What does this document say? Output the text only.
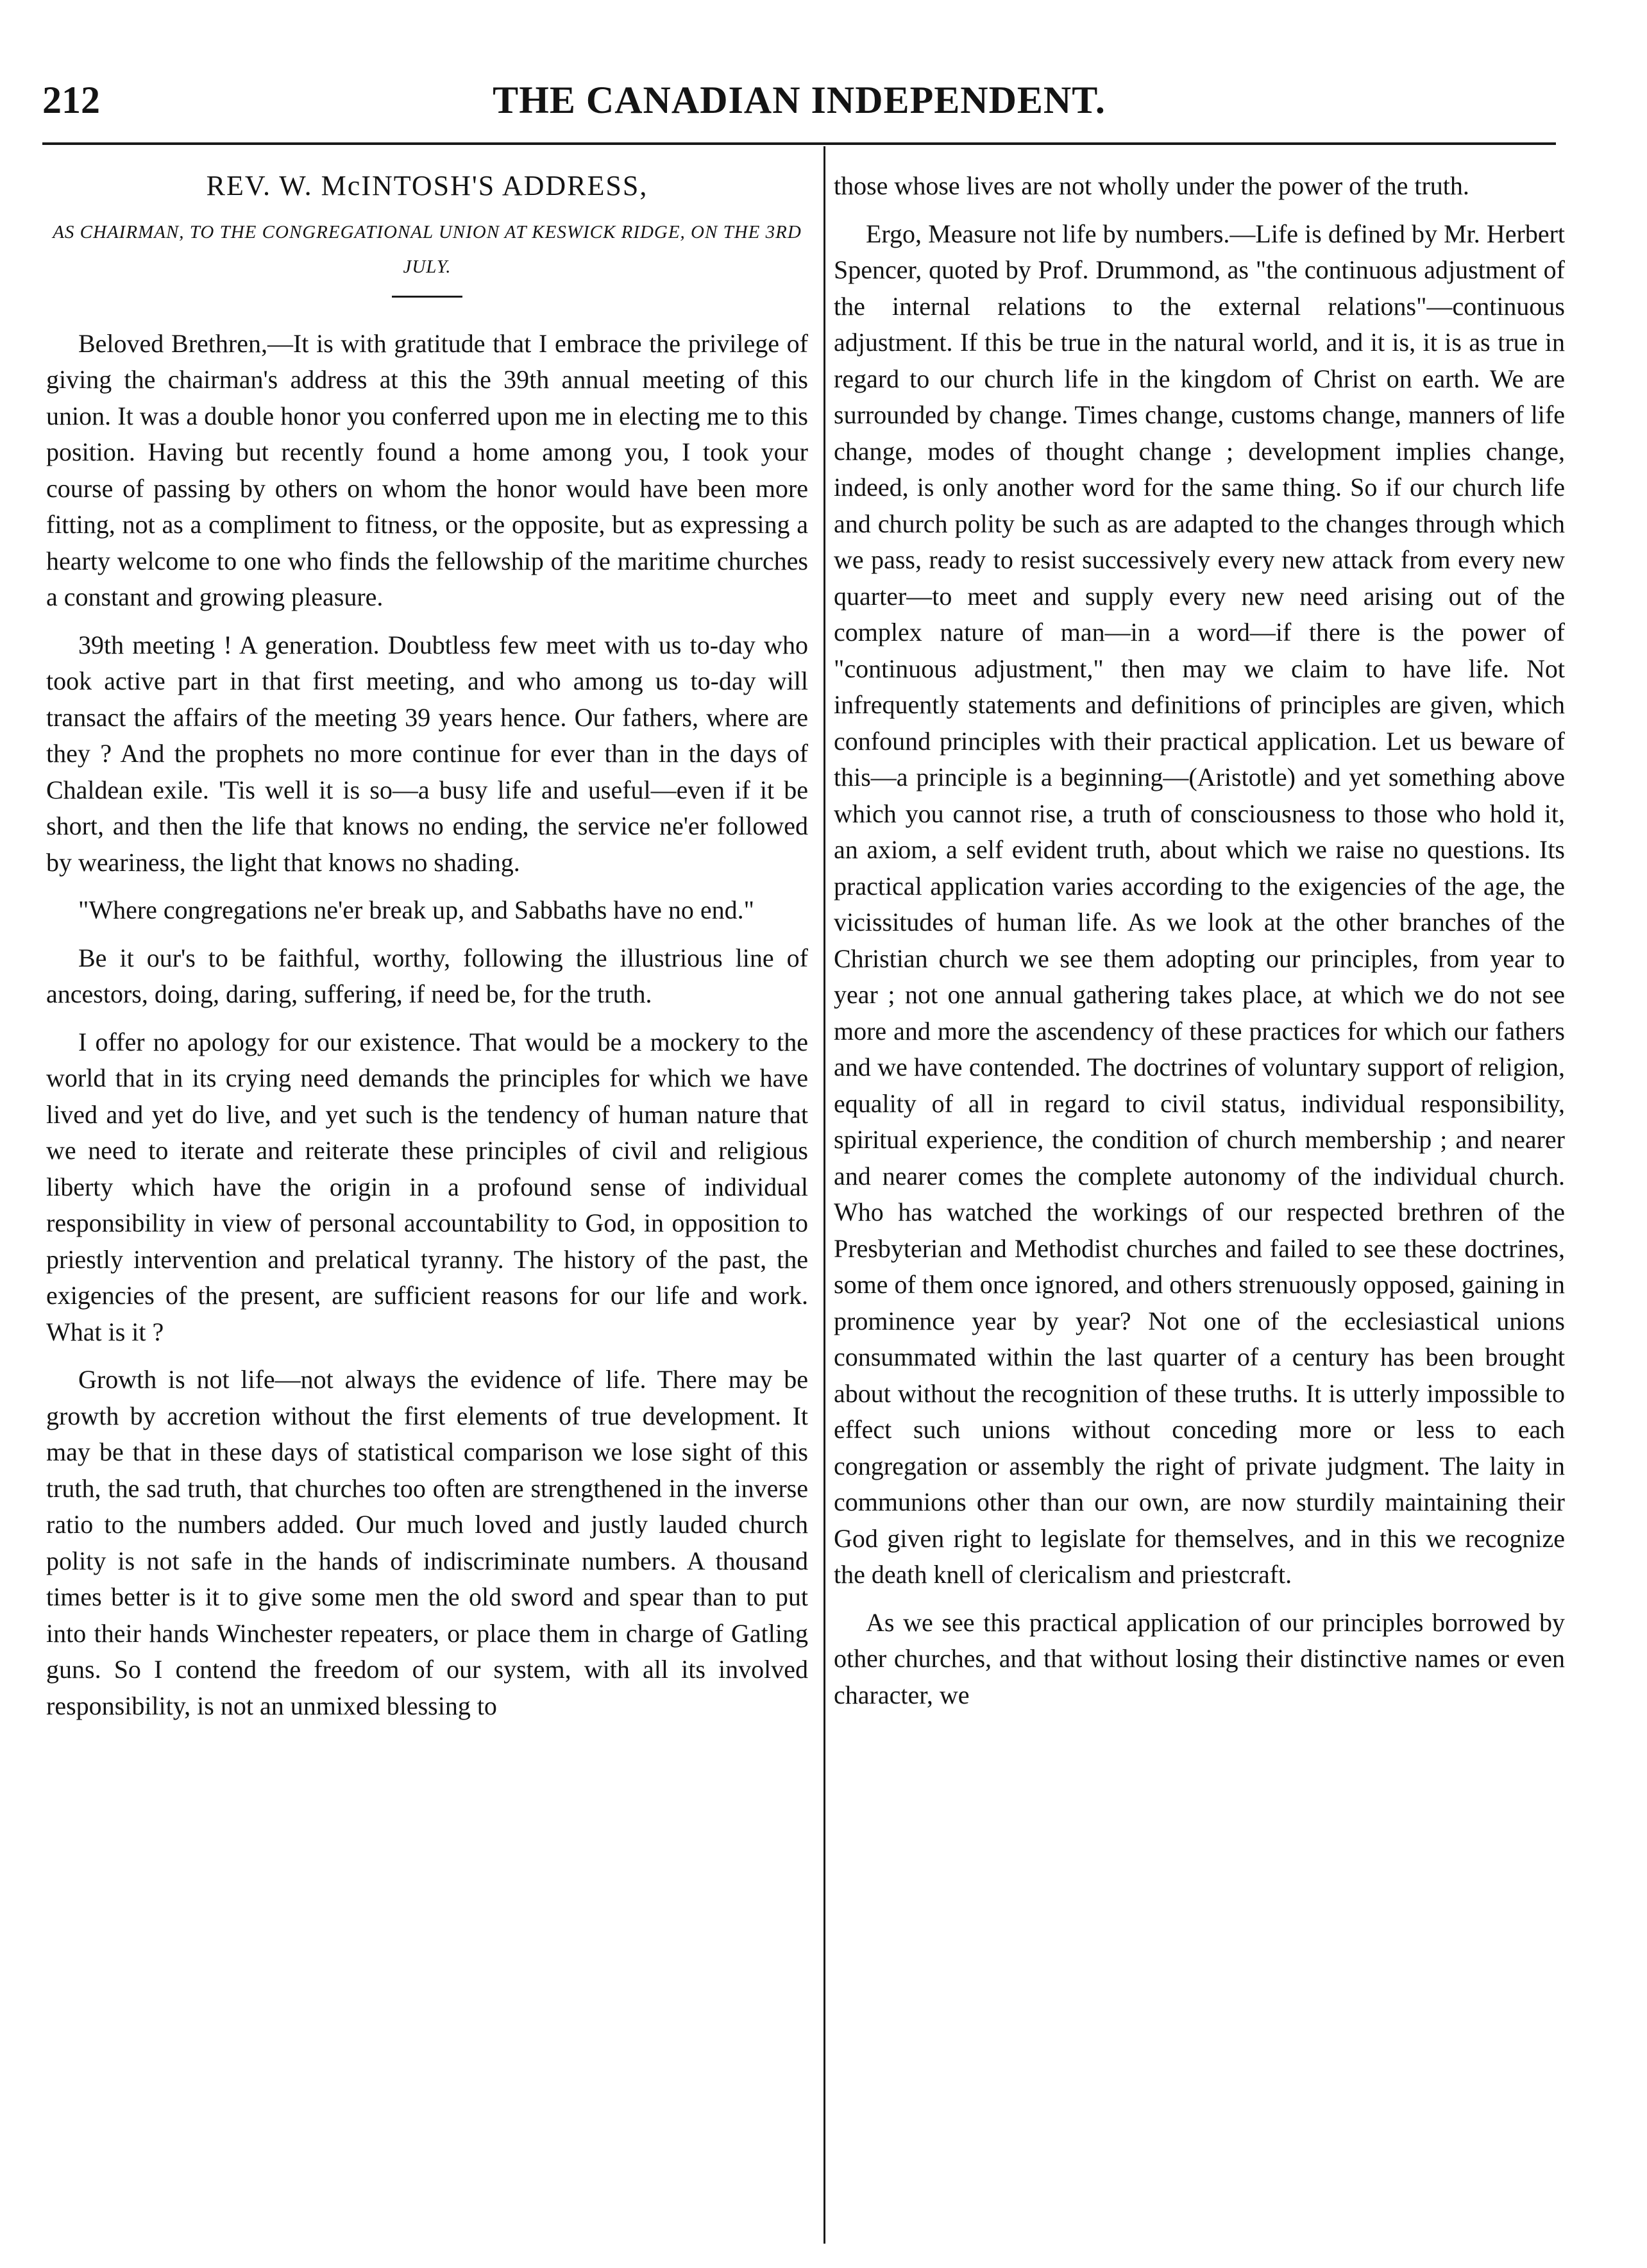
212	THE CANADIAN INDEPENDENT.
REV. W. McINTOSH'S ADDRESS,
AS CHAIRMAN, TO THE CONGREGATIONAL UNION AT KESWICK RIDGE, ON THE 3RD JULY.

Beloved Brethren,—It is with gratitude that I embrace the privilege of giving the chairman's address at this the 39th annual meeting of this union. It was a double honor you conferred upon me in electing me to this position. Having but recently found a home among you, I took your course of passing by others on whom the honor would have been more fitting, not as a compliment to fitness, or the opposite, but as expressing a hearty welcome to one who finds the fellowship of the maritime churches a constant and growing pleasure.

39th meeting ! A generation. Doubtless few meet with us to-day who took active part in that first meeting, and who among us to-day will transact the affairs of the meeting 39 years hence. Our fathers, where are they ? And the prophets no more continue for ever than in the days of Chaldean exile. 'Tis well it is so—a busy life and useful—even if it be short, and then the life that knows no ending, the service ne'er followed by weariness, the light that knows no shading.

"Where congregations ne'er break up, and Sabbaths have no end."

Be it our's to be faithful, worthy, following the illustrious line of ancestors, doing, daring, suffering, if need be, for the truth.

I offer no apology for our existence. That would be a mockery to the world that in its crying need demands the principles for which we have lived and yet do live, and yet such is the tendency of human nature that we need to iterate and reiterate these principles of civil and religious liberty which have the origin in a profound sense of individual responsibility in view of personal accountability to God, in opposition to priestly intervention and prelatical tyranny. The history of the past, the exigencies of the present, are sufficient reasons for our life and work. What is it ?

Growth is not life—not always the evidence of life. There may be growth by accretion without the first elements of true development. It may be that in these days of statistical comparison we lose sight of this truth, the sad truth, that churches too often are strengthened in the inverse ratio to the numbers added. Our much loved and justly lauded church polity is not safe in the hands of indiscriminate numbers. A thousand times better is it to give some men the old sword and spear than to put into their hands Winchester repeaters, or place them in charge of Gatling guns. So I contend the freedom of our system, with all its involved responsibility, is not an unmixed blessing to

those whose lives are not wholly under the power of the truth.

Ergo, Measure not life by numbers.—Life is defined by Mr. Herbert Spencer, quoted by Prof. Drummond, as "the continuous adjustment of the internal relations to the external relations"—continuous adjustment. If this be true in the natural world, and it is, it is as true in regard to our church life in the kingdom of Christ on earth. We are surrounded by change. Times change, customs change, manners of life change, modes of thought change ; development implies change, indeed, is only another word for the same thing. So if our church life and church polity be such as are adapted to the changes through which we pass, ready to resist successively every new attack from every new quarter—to meet and supply every new need arising out of the complex nature of man—in a word—if there is the power of "continuous adjustment," then may we claim to have life. Not infrequently statements and definitions of principles are given, which confound principles with their practical application. Let us beware of this—a principle is a beginning—(Aristotle) and yet something above which you cannot rise, a truth of consciousness to those who hold it, an axiom, a self evident truth, about which we raise no questions. Its practical application varies according to the exigencies of the age, the vicissitudes of human life. As we look at the other branches of the Christian church we see them adopting our principles, from year to year ; not one annual gathering takes place, at which we do not see more and more the ascendency of these practices for which our fathers and we have contended. The doctrines of voluntary support of religion, equality of all in regard to civil status, individual responsibility, spiritual experience, the condition of church membership ; and nearer and nearer comes the complete autonomy of the individual church. Who has watched the workings of our respected brethren of the Presbyterian and Methodist churches and failed to see these doctrines, some of them once ignored, and others strenuously opposed, gaining in prominence year by year? Not one of the ecclesiastical unions consummated within the last quarter of a century has been brought about without the recognition of these truths. It is utterly impossible to effect such unions without conceding more or less to each congregation or assembly the right of private judgment. The laity in communions other than our own, are now sturdily maintaining their God given right to legislate for themselves, and in this we recognize the death knell of clericalism and priestcraft.

As we see this practical application of our principles borrowed by other churches, and that without losing their distinctive names or even character, we
